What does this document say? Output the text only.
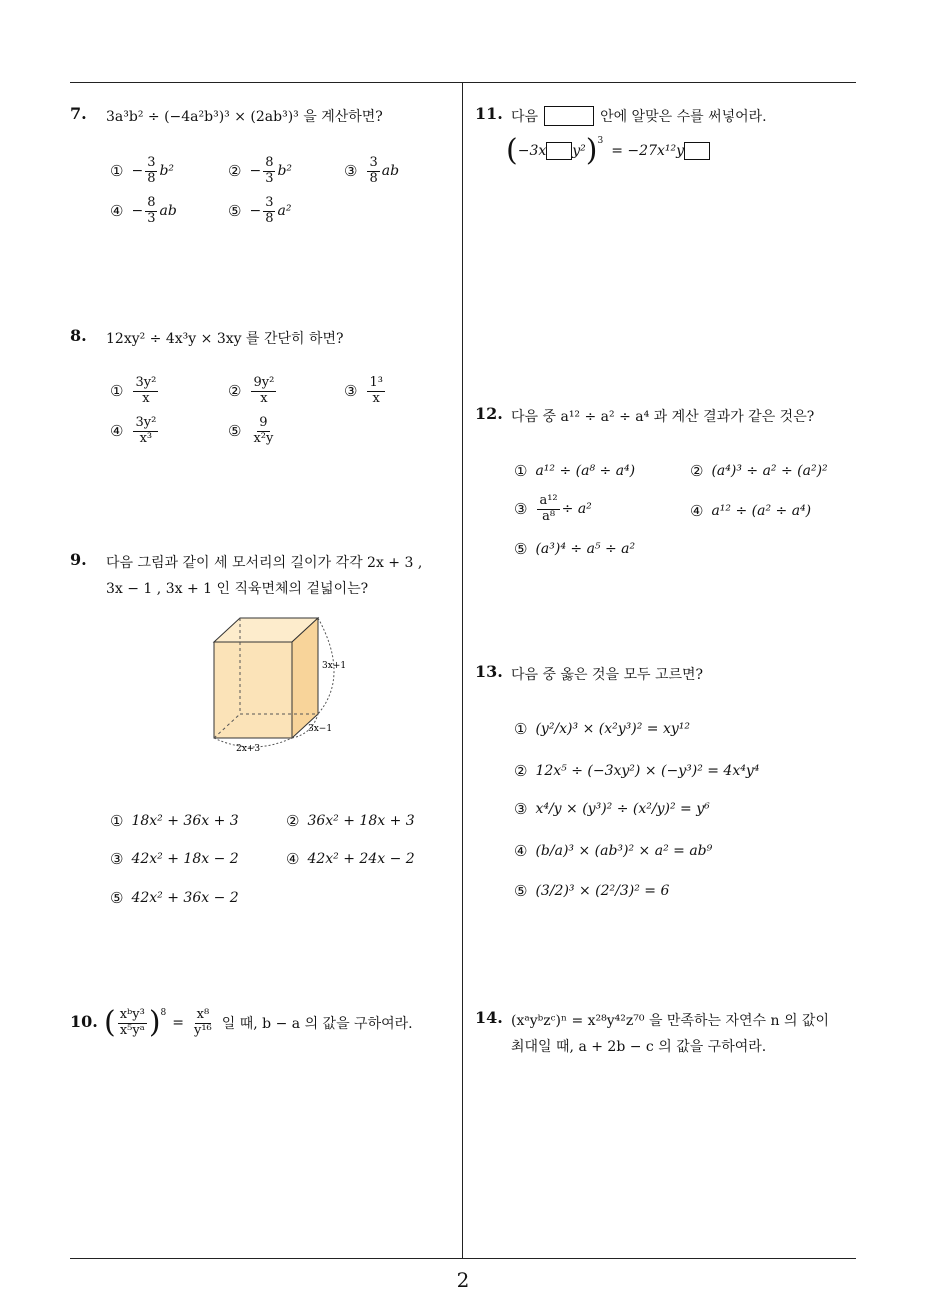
2
7. 3a³b² ÷ (−4a²b³)³ × (2ab³)³ 을 계산하면?
① − $\frac{3}{8} b^2$	② − $\frac{8}{3} b^2$	③ $\frac{3}{8}$ ab
④ − $\frac{8}{3}$ ab	⑤ − $\frac{3}{8} a^2$
8. 12xy² ÷ 4x³y × 3xy 를 간단히 하면?
① $\frac{\text{3y²}}{x}$	② $\frac{\text{9y²}}{x}$	③ $\frac{\text{1³}}{x}$
④ $\frac{\text{3y²}}{\text{x³}}$	⑤ $\frac{9}{\text{x²y}}$
9. 다음 그림과 같이 세 모서리의 길이가 각각 2x + 3 ,
3x − 1 , 3x + 1 인 직육면체의 겉넓이는?
3x+1
3x−1
2x+3
① 18x² + 36x + 3	② 36x² + 18x + 3
③ 42x² + 18x − 2	④ 42x² + 24x − 2
⑤ 42x² + 36x − 2
10. ( $\frac{\text{xᵇy³}}{\text{x⁵yᵃ}}$ ) 8
= $\frac{\text{x⁸}}{\text{y¹⁶}}$ 일 때, b − a 의 값을 구하여라.
11. 다음	안에 알맞은 수를 써넣어라.
( −3x y² ) 3
= −27x¹²y
12. 다음 중 a¹² ÷ a² ÷ a⁴ 과 계산 결과가 같은 것은?
① a¹² ÷ (a⁸ ÷ a⁴)	② (a⁴)³ ÷ a² ÷ (a²)²
③ $\frac{\text{a¹²}}{\text{a⁸}} \div a^2$	④ a¹² ÷ (a² ÷ a⁴)
⑤ (a³)⁴ ÷ a⁵ ÷ a²
13. 다음 중 옳은 것을 모두 고르면?
① (y²/x)³ × (x²y³)² = xy¹²
② 12x⁵ ÷ (−3xy²) × (−y³)² = 4x⁴y⁴
③ x⁴/y × (y³)² ÷ (x²/y)² = y⁶
④ (b/a)³ × (ab³)² × a² = ab⁹
⑤ (3/2)³ × (2²/3)² = 6
14. (xᵃyᵇzᶜ)ⁿ = x²⁸y⁴²z⁷⁰ 을 만족하는 자연수 n 의 값이
최대일 때, a + 2b − c 의 값을 구하여라.
